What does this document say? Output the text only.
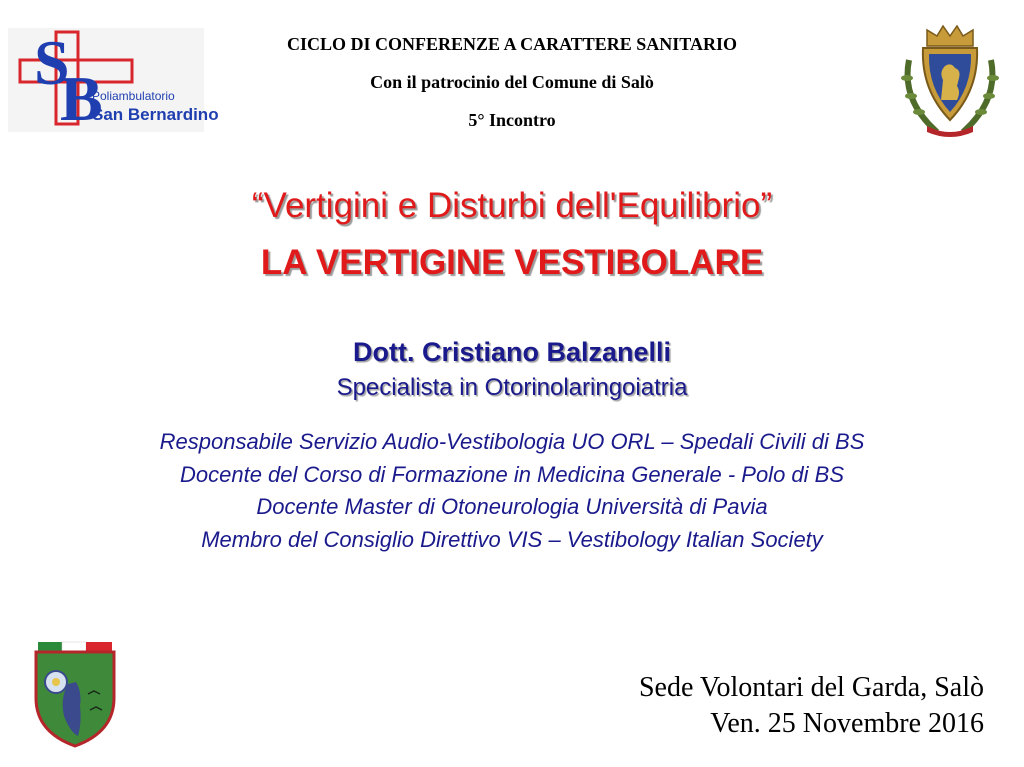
S
B
Poliambulatorio
San Bernardino
CICLO DI CONFERENZE A CARATTERE SANITARIO
Con il patrocinio del Comune di Salò
5° Incontro
“Vertigini e Disturbi dell'Equilibrio”
LA VERTIGINE VESTIBOLARE
Dott. Cristiano Balzanelli
Specialista in Otorinolaringoiatria
Responsabile Servizio Audio-Vestibologia UO ORL – Spedali Civili di BS
Docente del Corso di Formazione in Medicina Generale - Polo di BS
Docente Master di Otoneurologia Università di Pavia
Membro del Consiglio Direttivo VIS – Vestibology Italian Society
Sede Volontari del Garda, Salò
Ven. 25 Novembre 2016
